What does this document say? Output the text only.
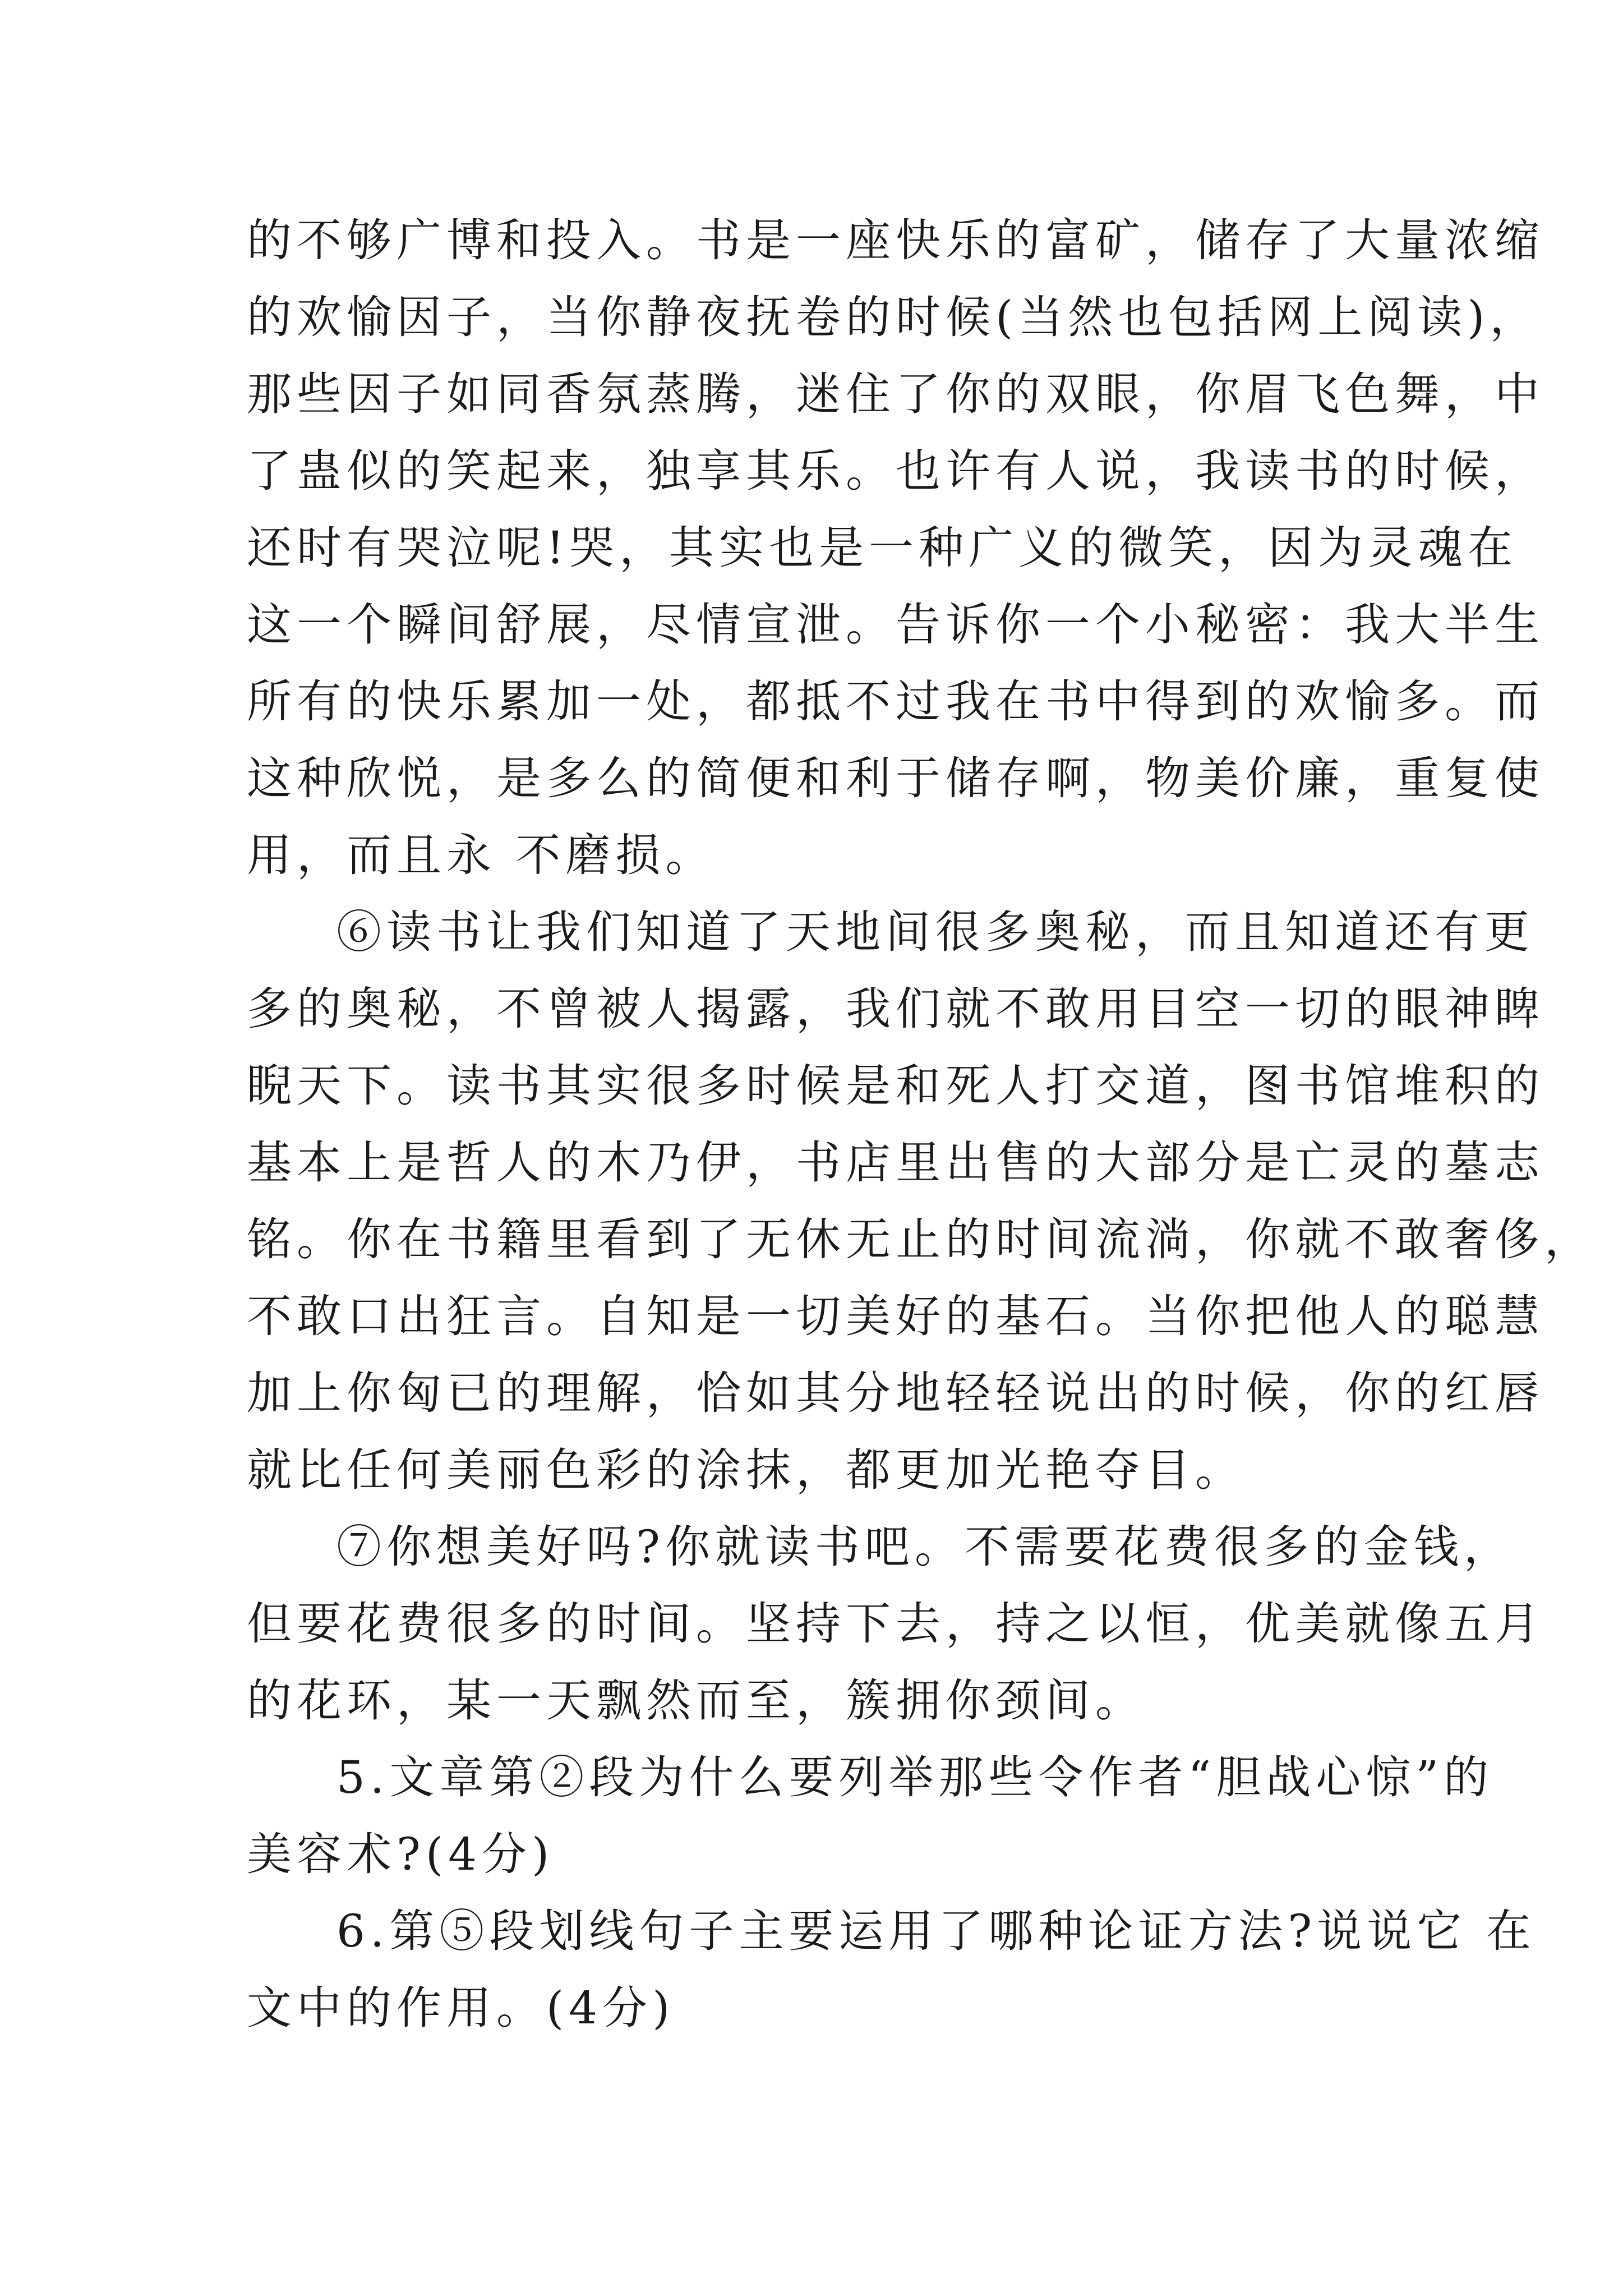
的不够广博和投入。书是一座快乐的富矿，储存了大量浓缩
的欢愉因子，当你静夜抚卷的时候(当然也包括网上阅读)，
那些因子如同香氛蒸腾，迷住了你的双眼，你眉飞色舞，中
了蛊似的笑起来，独享其乐。也许有人说，我读书的时候，
还时有哭泣呢!哭，其实也是一种广义的微笑，因为灵魂在
这一个瞬间舒展，尽情宣泄。告诉你一个小秘密：我大半生
所有的快乐累加一处，都抵不过我在书中得到的欢愉多。而
这种欣悦，是多么的简便和利于储存啊，物美价廉，重复使
用，而且永 不磨损。
⑥读书让我们知道了天地间很多奥秘，而且知道还有更
多的奥秘，不曾被人揭露，我们就不敢用目空一切的眼神睥
睨天下。读书其实很多时候是和死人打交道，图书馆堆积的
基本上是哲人的木乃伊，书店里出售的大部分是亡灵的墓志
铭。你在书籍里看到了无休无止的时间流淌，你就不敢奢侈，
不敢口出狂言。自知是一切美好的基石。当你把他人的聪慧
加上你匈已的理解，恰如其分地轻轻说出的时候，你的红唇
就比任何美丽色彩的涂抹，都更加光艳夺目。
⑦你想美好吗?你就读书吧。不需要花费很多的金钱，
但要花费很多的时间。坚持下去，持之以恒，优美就像五月
的花环，某一天飘然而至，簇拥你颈间。
5.文章第②段为什么要列举那些令作者“胆战心惊”的
美容术?(4分)
6.第⑤段划线句子主要运用了哪种论证方法?说说它 在
文中的作用。(4分)
